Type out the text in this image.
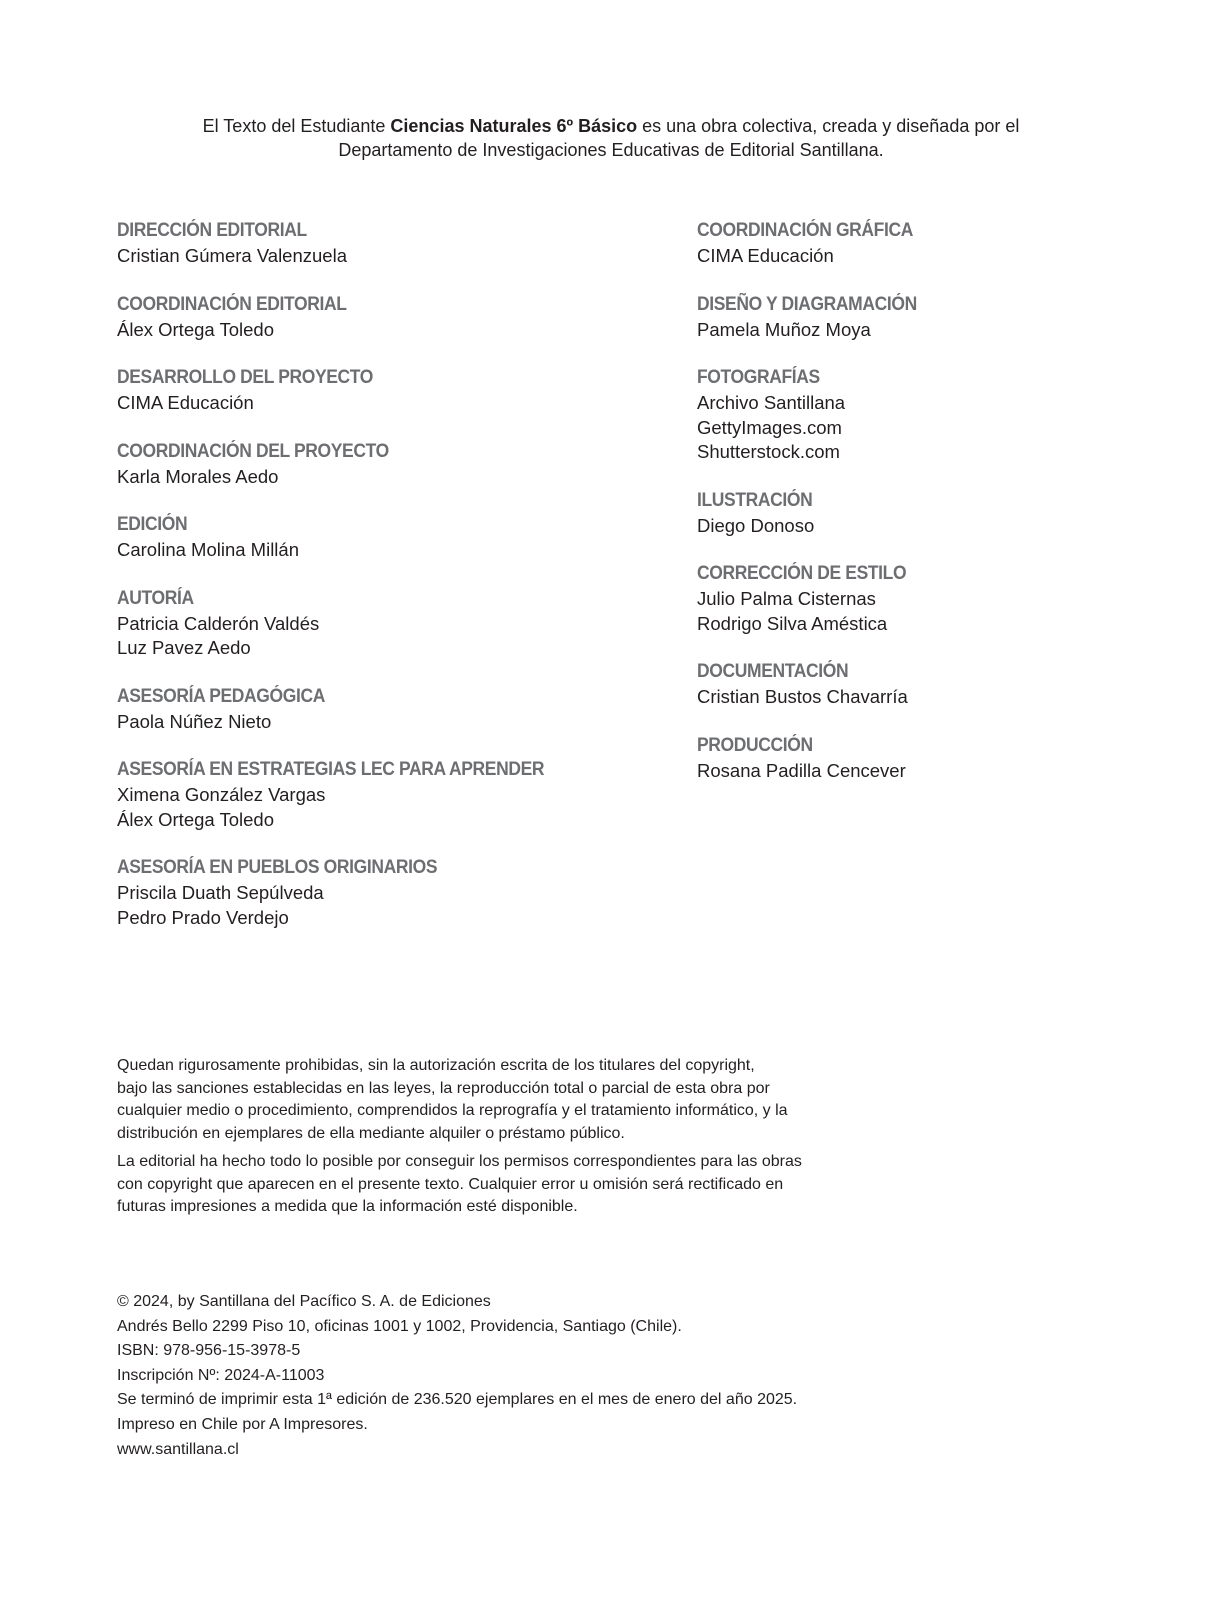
El Texto del Estudiante Ciencias Naturales 6º Básico es una obra colectiva, creada y diseñada por el
Departamento de Investigaciones Educativas de Editorial Santillana.
DIRECCIÓN EDITORIAL
Cristian Gúmera Valenzuela
COORDINACIÓN EDITORIAL
Álex Ortega Toledo
DESARROLLO DEL PROYECTO
CIMA Educación
COORDINACIÓN DEL PROYECTO
Karla Morales Aedo
EDICIÓN
Carolina Molina Millán
AUTORÍA
Patricia Calderón Valdés
Luz Pavez Aedo
ASESORÍA PEDAGÓGICA
Paola Núñez Nieto
ASESORÍA EN ESTRATEGIAS LEC PARA APRENDER
Ximena González Vargas
Álex Ortega Toledo
ASESORÍA EN PUEBLOS ORIGINARIOS
Priscila Duath Sepúlveda
Pedro Prado Verdejo
COORDINACIÓN GRÁFICA
CIMA Educación
DISEÑO Y DIAGRAMACIÓN
Pamela Muñoz Moya
FOTOGRAFÍAS
Archivo Santillana
GettyImages.com
Shutterstock.com
ILUSTRACIÓN
Diego Donoso
CORRECCIÓN DE ESTILO
Julio Palma Cisternas
Rodrigo Silva Améstica
DOCUMENTACIÓN
Cristian Bustos Chavarría
PRODUCCIÓN
Rosana Padilla Cencever

Quedan rigurosamente prohibidas, sin la autorización escrita de los titulares del copyright,
bajo las sanciones establecidas en las leyes, la reproducción total o parcial de esta obra por
cualquier medio o procedimiento, comprendidos la reprografía y el tratamiento informático, y la
distribución en ejemplares de ella mediante alquiler o préstamo público.

La editorial ha hecho todo lo posible por conseguir los permisos correspondientes para las obras
con copyright que aparecen en el presente texto. Cualquier error u omisión será rectificado en
futuras impresiones a medida que la información esté disponible.

© 2024, by Santillana del Pacífico S. A. de Ediciones
Andrés Bello 2299 Piso 10, oficinas 1001 y 1002, Providencia, Santiago (Chile).
ISBN: 978-956-15-3978-5
Inscripción Nº: 2024-A-11003
Se terminó de imprimir esta 1ª edición de 236.520 ejemplares en el mes de enero del año 2025.
Impreso en Chile por A Impresores.
www.santillana.cl
